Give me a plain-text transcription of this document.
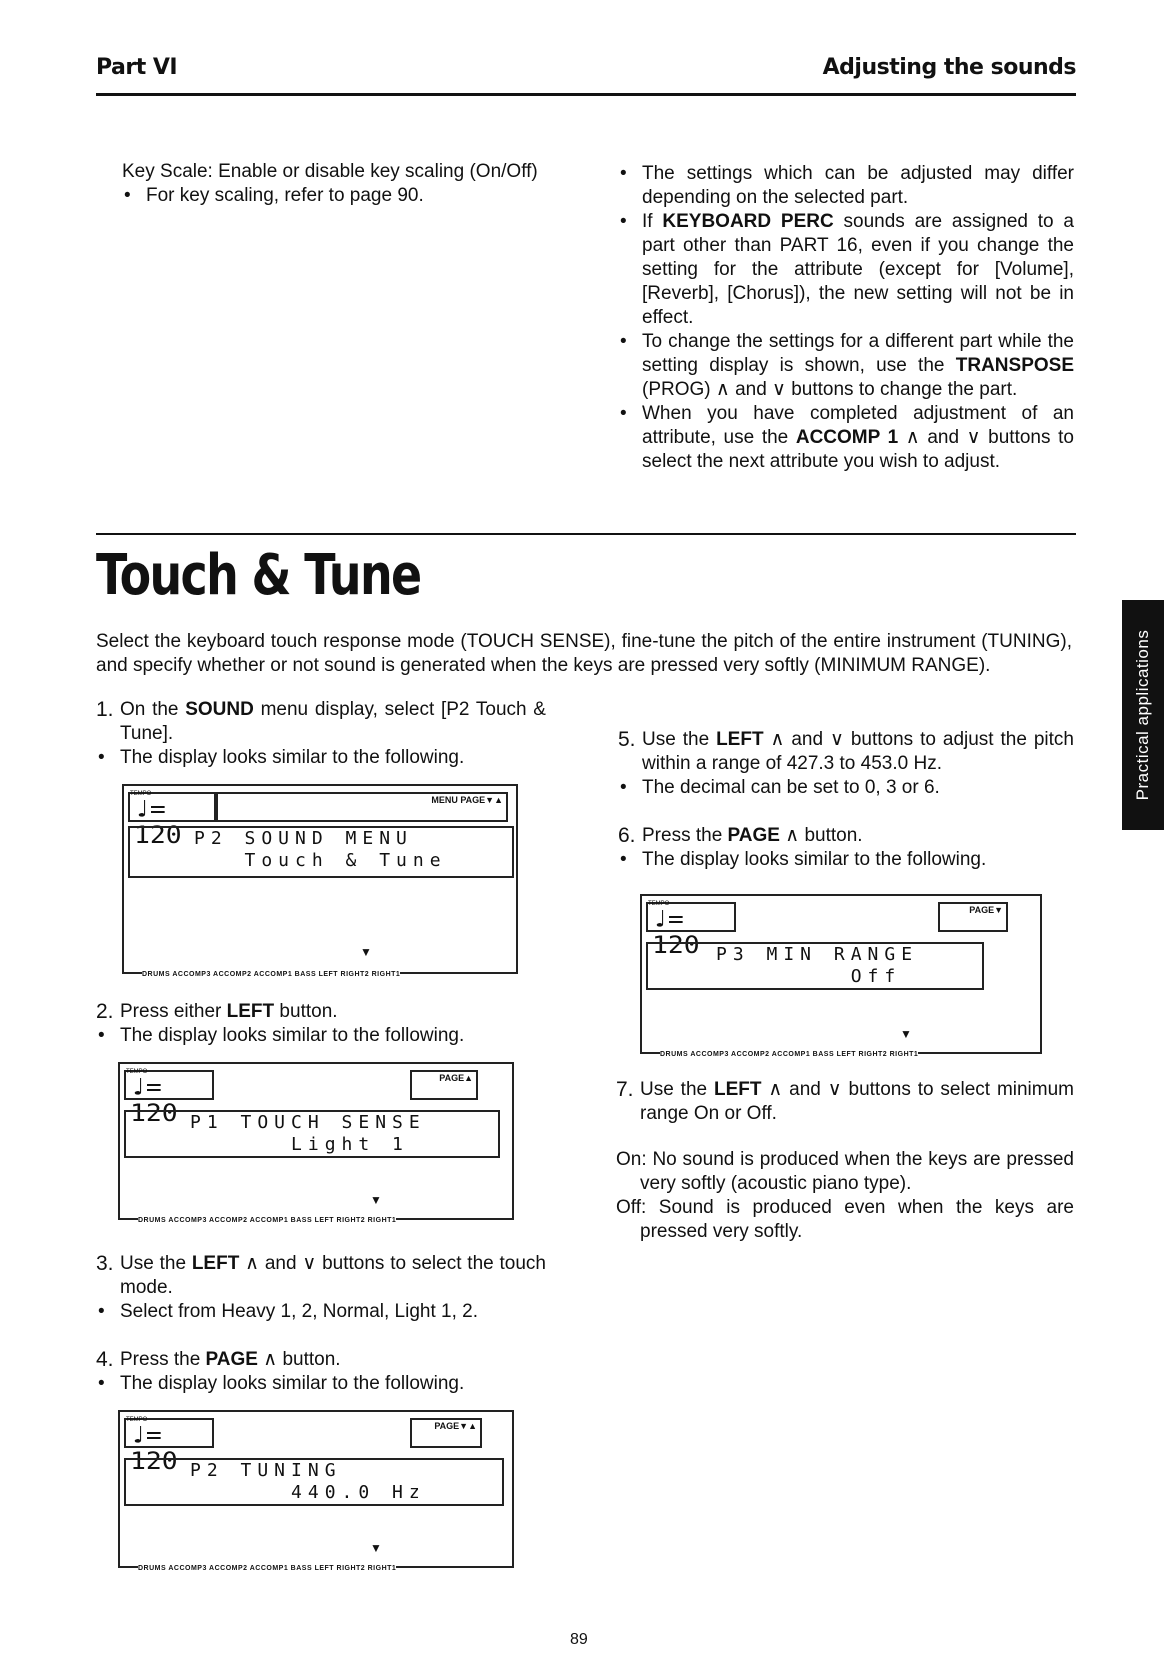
Part VI	Adjusting the sounds

Key Scale: Enable or disable key scaling (On/Off)

• For key scaling, refer to page 90.

• The settings which can be adjusted may differ depending on the selected part.

• If KEYBOARD PERC sounds are assigned to a part other than PART 16, even if you change the setting for the attribute (except for [Volume], [Reverb], [Chorus]), the new setting will not be in effect.

• To change the settings for a different part while the setting display is shown, use the TRANSPOSE (PROG) ∧ and ∨ buttons to change the part.

• When you have completed adjustment of an attribute, use the ACCOMP 1 ∧ and ∨ buttons to select the next attribute you wish to adjust.

Touch & Tune

Select the keyboard touch response mode (TOUCH SENSE), fine-tune the pitch of the entire instrument (TUNING), and specify whether or not sound is generated when the keys are pressed very softly (MINIMUM RANGE).

1. On the SOUND menu display, select [P2 Touch & Tune].

• The display looks similar to the following.

TEMPO
♩= 120
MENU PAGE▼▲
P2 SOUND MENU
Touch & Tune
▼
DRUMS ACCOMP3 ACCOMP2 ACCOMP1 BASS LEFT RIGHT2 RIGHT1

2. Press either LEFT button.

• The display looks similar to the following.

TEMPO
♩= 120
PAGE▲
P1 TOUCH SENSE
Light 1
▼
DRUMS ACCOMP3 ACCOMP2 ACCOMP1 BASS LEFT RIGHT2 RIGHT1

3. Use the LEFT ∧ and ∨ buttons to select the touch mode.

• Select from Heavy 1, 2, Normal, Light 1, 2.

4. Press the PAGE ∧ button.

• The display looks similar to the following.

TEMPO
♩= 120
PAGE▼▲
P2 TUNING
440.0 Hz
▼
DRUMS ACCOMP3 ACCOMP2 ACCOMP1 BASS LEFT RIGHT2 RIGHT1

5. Use the LEFT ∧ and ∨ buttons to adjust the pitch within a range of 427.3 to 453.0 Hz.

• The decimal can be set to 0, 3 or 6.

6. Press the PAGE ∧ button.

• The display looks similar to the following.

TEMPO
♩= 120
PAGE▼
P3 MIN RANGE
Off
▼
DRUMS ACCOMP3 ACCOMP2 ACCOMP1 BASS LEFT RIGHT2 RIGHT1

7. Use the LEFT ∧ and ∨ buttons to select minimum range On or Off.

On: No sound is produced when the keys are pressed very softly (acoustic piano type).

Off: Sound is produced even when the keys are pressed very softly.

Practical applications
89
